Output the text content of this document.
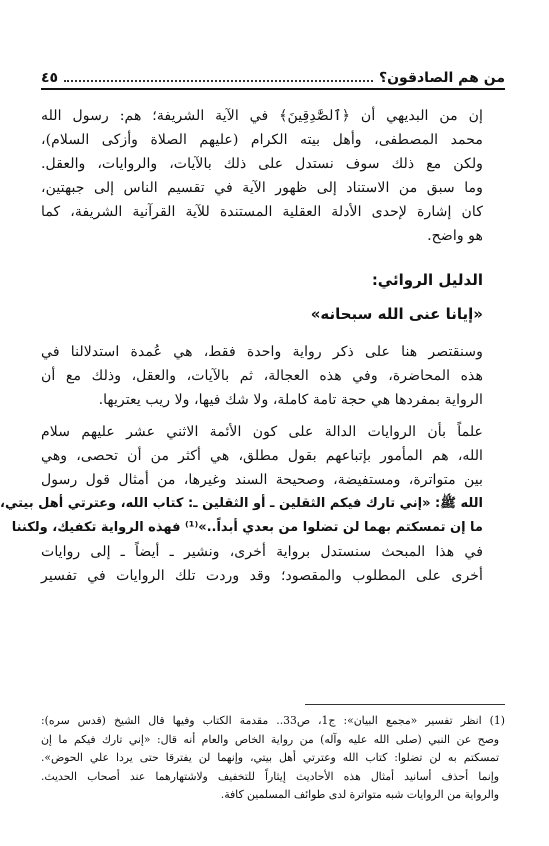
من هم الصادقون؟
٤٥
إن من البديهي أن ﴿ٱلصَّٰدِقِينَ﴾ في الآية الشريفة؛ هم: رسول الله
محمد المصطفى، وأهل بيته الكرام (عليهم الصلاة وأزكى السلام)،
ولكن مع ذلك سوف نستدل على ذلك بالآيات، والروايات، والعقل.
وما سبق من الاستناد إلى ظهور الآية في تقسيم الناس إلى جبهتين،
كان إشارة لإحدى الأدلة العقلية المستندة للآية القرآنية الشريفة، كما
هو واضح.
الدليل الروائي:
«إيانا عنى الله سبحانه»
وسنقتصر هنا على ذكر رواية واحدة فقط، هي عُمدة استدلالنا في
هذه المحاضرة، وفي هذه العجالة، ثم بالآيات، والعقل، وذلك مع أن
الرواية بمفردها هي حجة تامة كاملة، ولا شك فيها، ولا ريب يعتريها.
علماً بأن الروايات الدالة على كون الأئمة الاثني عشر عليهم سلام
الله، هم المأمور بإتباعهم بقول مطلق، هي أكثر من أن تحصى، وهي
بين متواترة، ومستفيضة، وصحيحة السند وغيرها، من أمثال قول رسول
الله ﷺ: «إني تارك فيكم الثقلين ـ أو الثقلين ـ: كتاب الله، وعترتي أهل بيتي،
ما إن تمسكتم بهما لن تضلوا من بعدي أبداً..»⁽¹⁾ فهذه الرواية تكفيك، ولكننا
في هذا المبحث سنستدل برواية أخرى، ونشير ـ أيضاً ـ إلى روايات
أخرى على المطلوب والمقصود؛ وقد وردت تلك الروايات في تفسير
(1) انظر تفسير «مجمع البيان»: ج1، ص33.. مقدمة الكتاب وفيها قال الشيخ (قدس سره):
وصح عن النبي (صلى الله عليه وآله) من رواية الخاص والعام أنه قال: «إني تارك فيكم ما إن
تمسكتم به لن تضلوا: كتاب الله وعترتي أهل بيتي، وإنهما لن يفترقا حتى يردا علي الحوض».
وإنما أحذف أسانيد أمثال هذه الأحاديث إيثاراً للتخفيف ولاشتهارهما عند أصحاب الحديث.
والرواية من الروايات شبه متواترة لدى طوائف المسلمين كافة.
